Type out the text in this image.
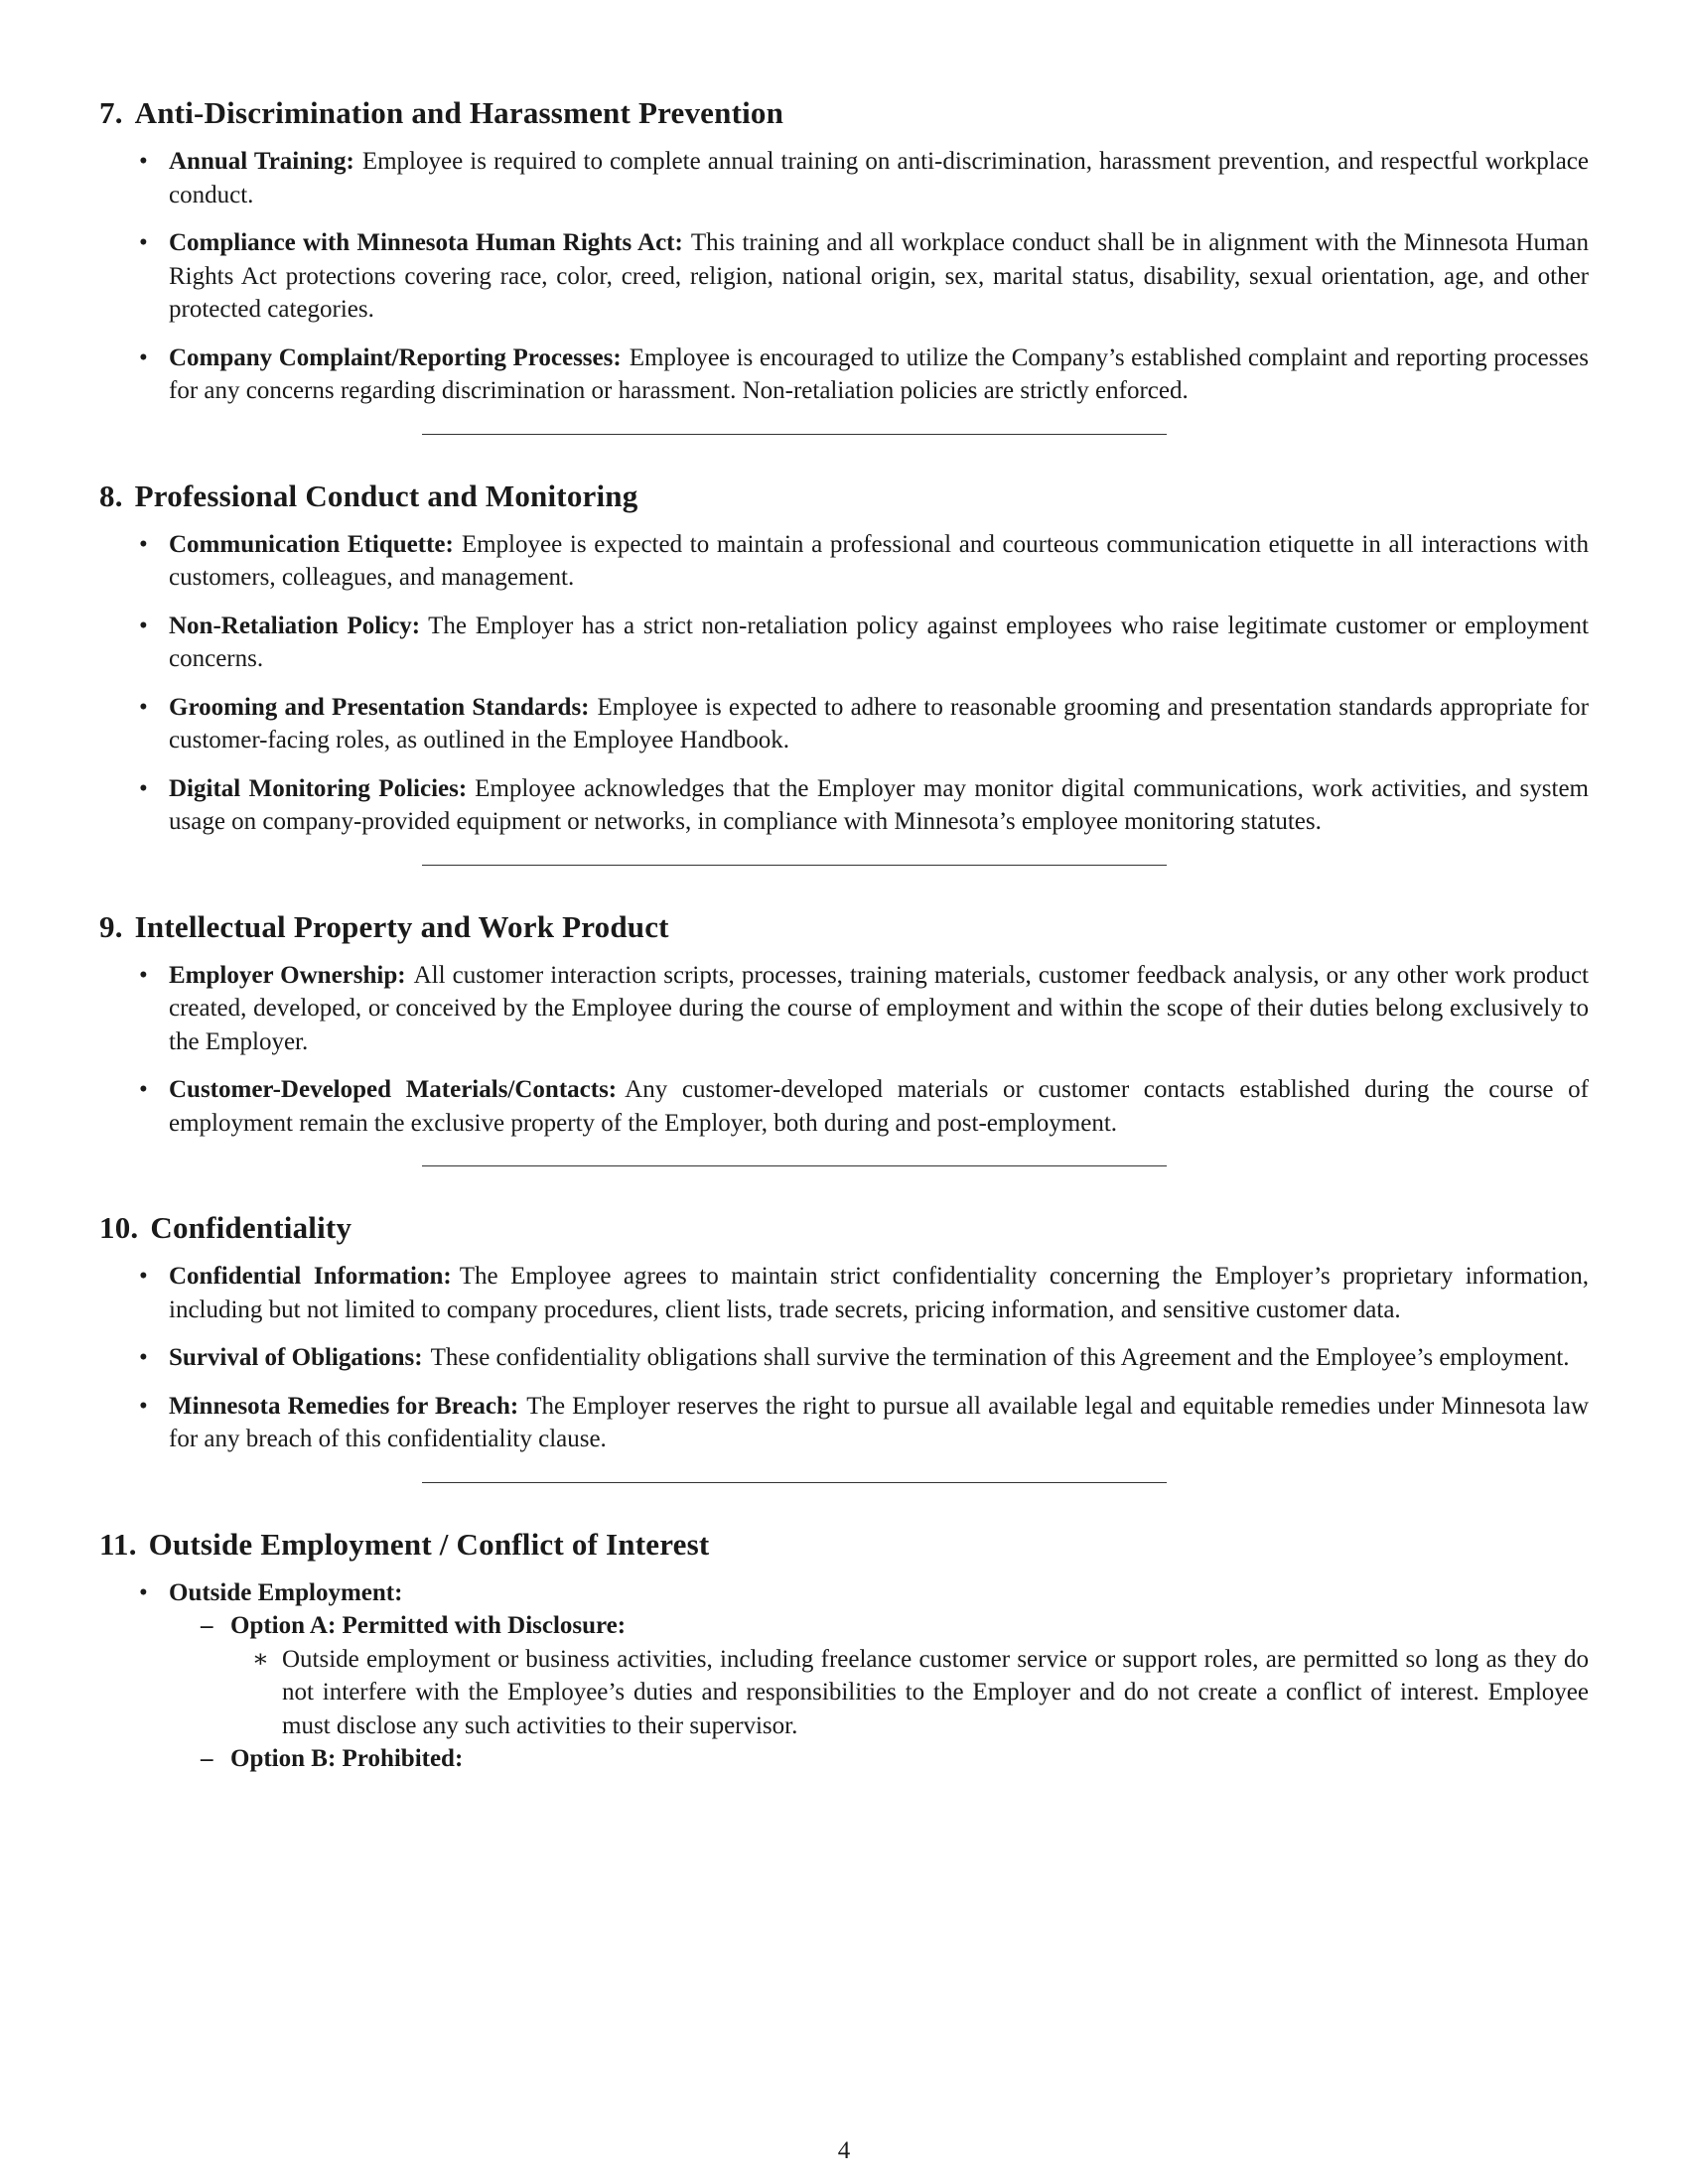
7. Anti-Discrimination and Harassment Prevention
• Annual Training: Employee is required to complete annual training on anti-discrimination, harassment prevention, and respectful workplace conduct.
• Compliance with Minnesota Human Rights Act: This training and all workplace conduct shall be in alignment with the Minnesota Human Rights Act protections covering race, color, creed, religion, national origin, sex, marital status, disability, sexual orientation, age, and other protected categories.
• Company Complaint/Reporting Processes: Employee is encouraged to utilize the Company’s established complaint and reporting processes for any concerns regarding discrimination or harassment. Non-retaliation policies are strictly enforced.
8. Professional Conduct and Monitoring
• Communication Etiquette: Employee is expected to maintain a professional and courteous communication etiquette in all interactions with customers, colleagues, and management.
• Non-Retaliation Policy: The Employer has a strict non-retaliation policy against employees who raise legitimate customer or employment concerns.
• Grooming and Presentation Standards: Employee is expected to adhere to reasonable grooming and presentation standards appropriate for customer-facing roles, as outlined in the Employee Handbook.
• Digital Monitoring Policies: Employee acknowledges that the Employer may monitor digital communications, work activities, and system usage on company-provided equipment or networks, in compliance with Minnesota’s employee monitoring statutes.
9. Intellectual Property and Work Product
• Employer Ownership: All customer interaction scripts, processes, training materials, customer feedback analysis, or any other work product created, developed, or conceived by the Employee during the course of employment and within the scope of their duties belong exclusively to the Employer.
• Customer-Developed Materials/Contacts: Any customer-developed materials or customer contacts established during the course of employment remain the exclusive property of the Employer, both during and post-employment.
10. Confidentiality
• Confidential Information: The Employee agrees to maintain strict confidentiality concerning the Employer’s proprietary information, including but not limited to company procedures, client lists, trade secrets, pricing information, and sensitive customer data.
• Survival of Obligations: These confidentiality obligations shall survive the termination of this Agreement and the Employee’s employment.
• Minnesota Remedies for Breach: The Employer reserves the right to pursue all available legal and equitable remedies under Minnesota law for any breach of this confidentiality clause.
11. Outside Employment / Conflict of Interest
• Outside Employment:
– Option A: Permitted with Disclosure:
∗ Outside employment or business activities, including freelance customer service or support roles, are permitted so long as they do not interfere with the Employee’s duties and responsibilities to the Employer and do not create a conflict of interest. Employee must disclose any such activities to their supervisor.
– Option B: Prohibited:
4
